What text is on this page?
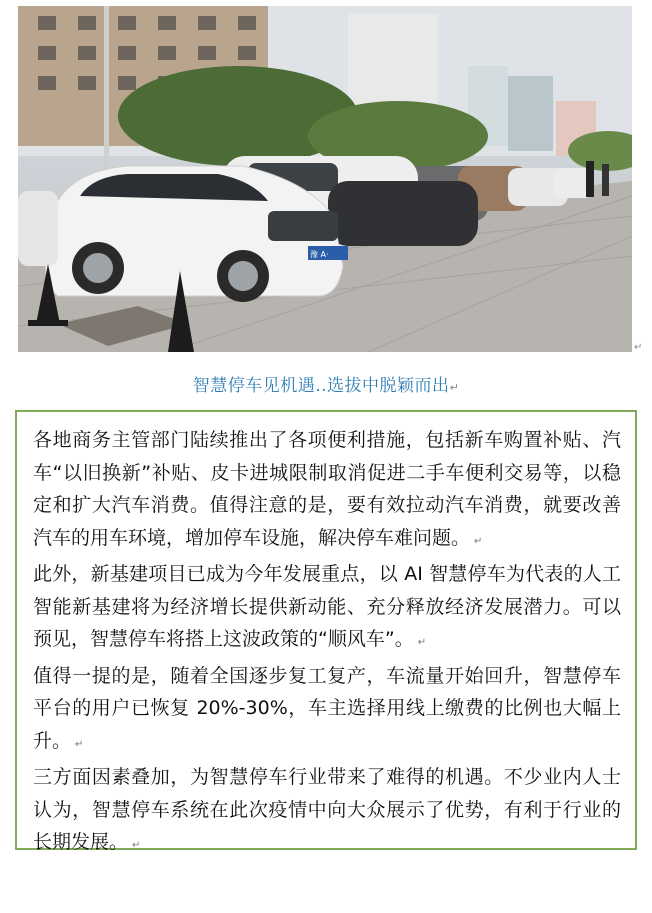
豫 A·
↵
智慧停车见机遇‥选拔中脱颖而出↵

各地商务主管部门陆续推出了各项便利措施，包括新车购置补贴、汽车“以旧换新”补贴、皮卡进城限制取消促进二手车便利交易等，以稳定和扩大汽车消费。值得注意的是，要有效拉动汽车消费，就要改善汽车的用车环境，增加停车设施，解决停车难问题。 ↵

此外，新基建项目已成为今年发展重点，以 AI 智慧停车为代表的人工智能新基建将为经济增长提供新动能、充分释放经济发展潜力。可以预见，智慧停车将搭上这波政策的“顺风车”。 ↵

值得一提的是，随着全国逐步复工复产，车流量开始回升，智慧停车平台的用户已恢复 20%-30%，车主选择用线上缴费的比例也大幅上升。 ↵

三方面因素叠加，为智慧停车行业带来了难得的机遇。不少业内人士认为，智慧停车系统在此次疫情中向大众展示了优势，有利于行业的长期发展。 ↵
